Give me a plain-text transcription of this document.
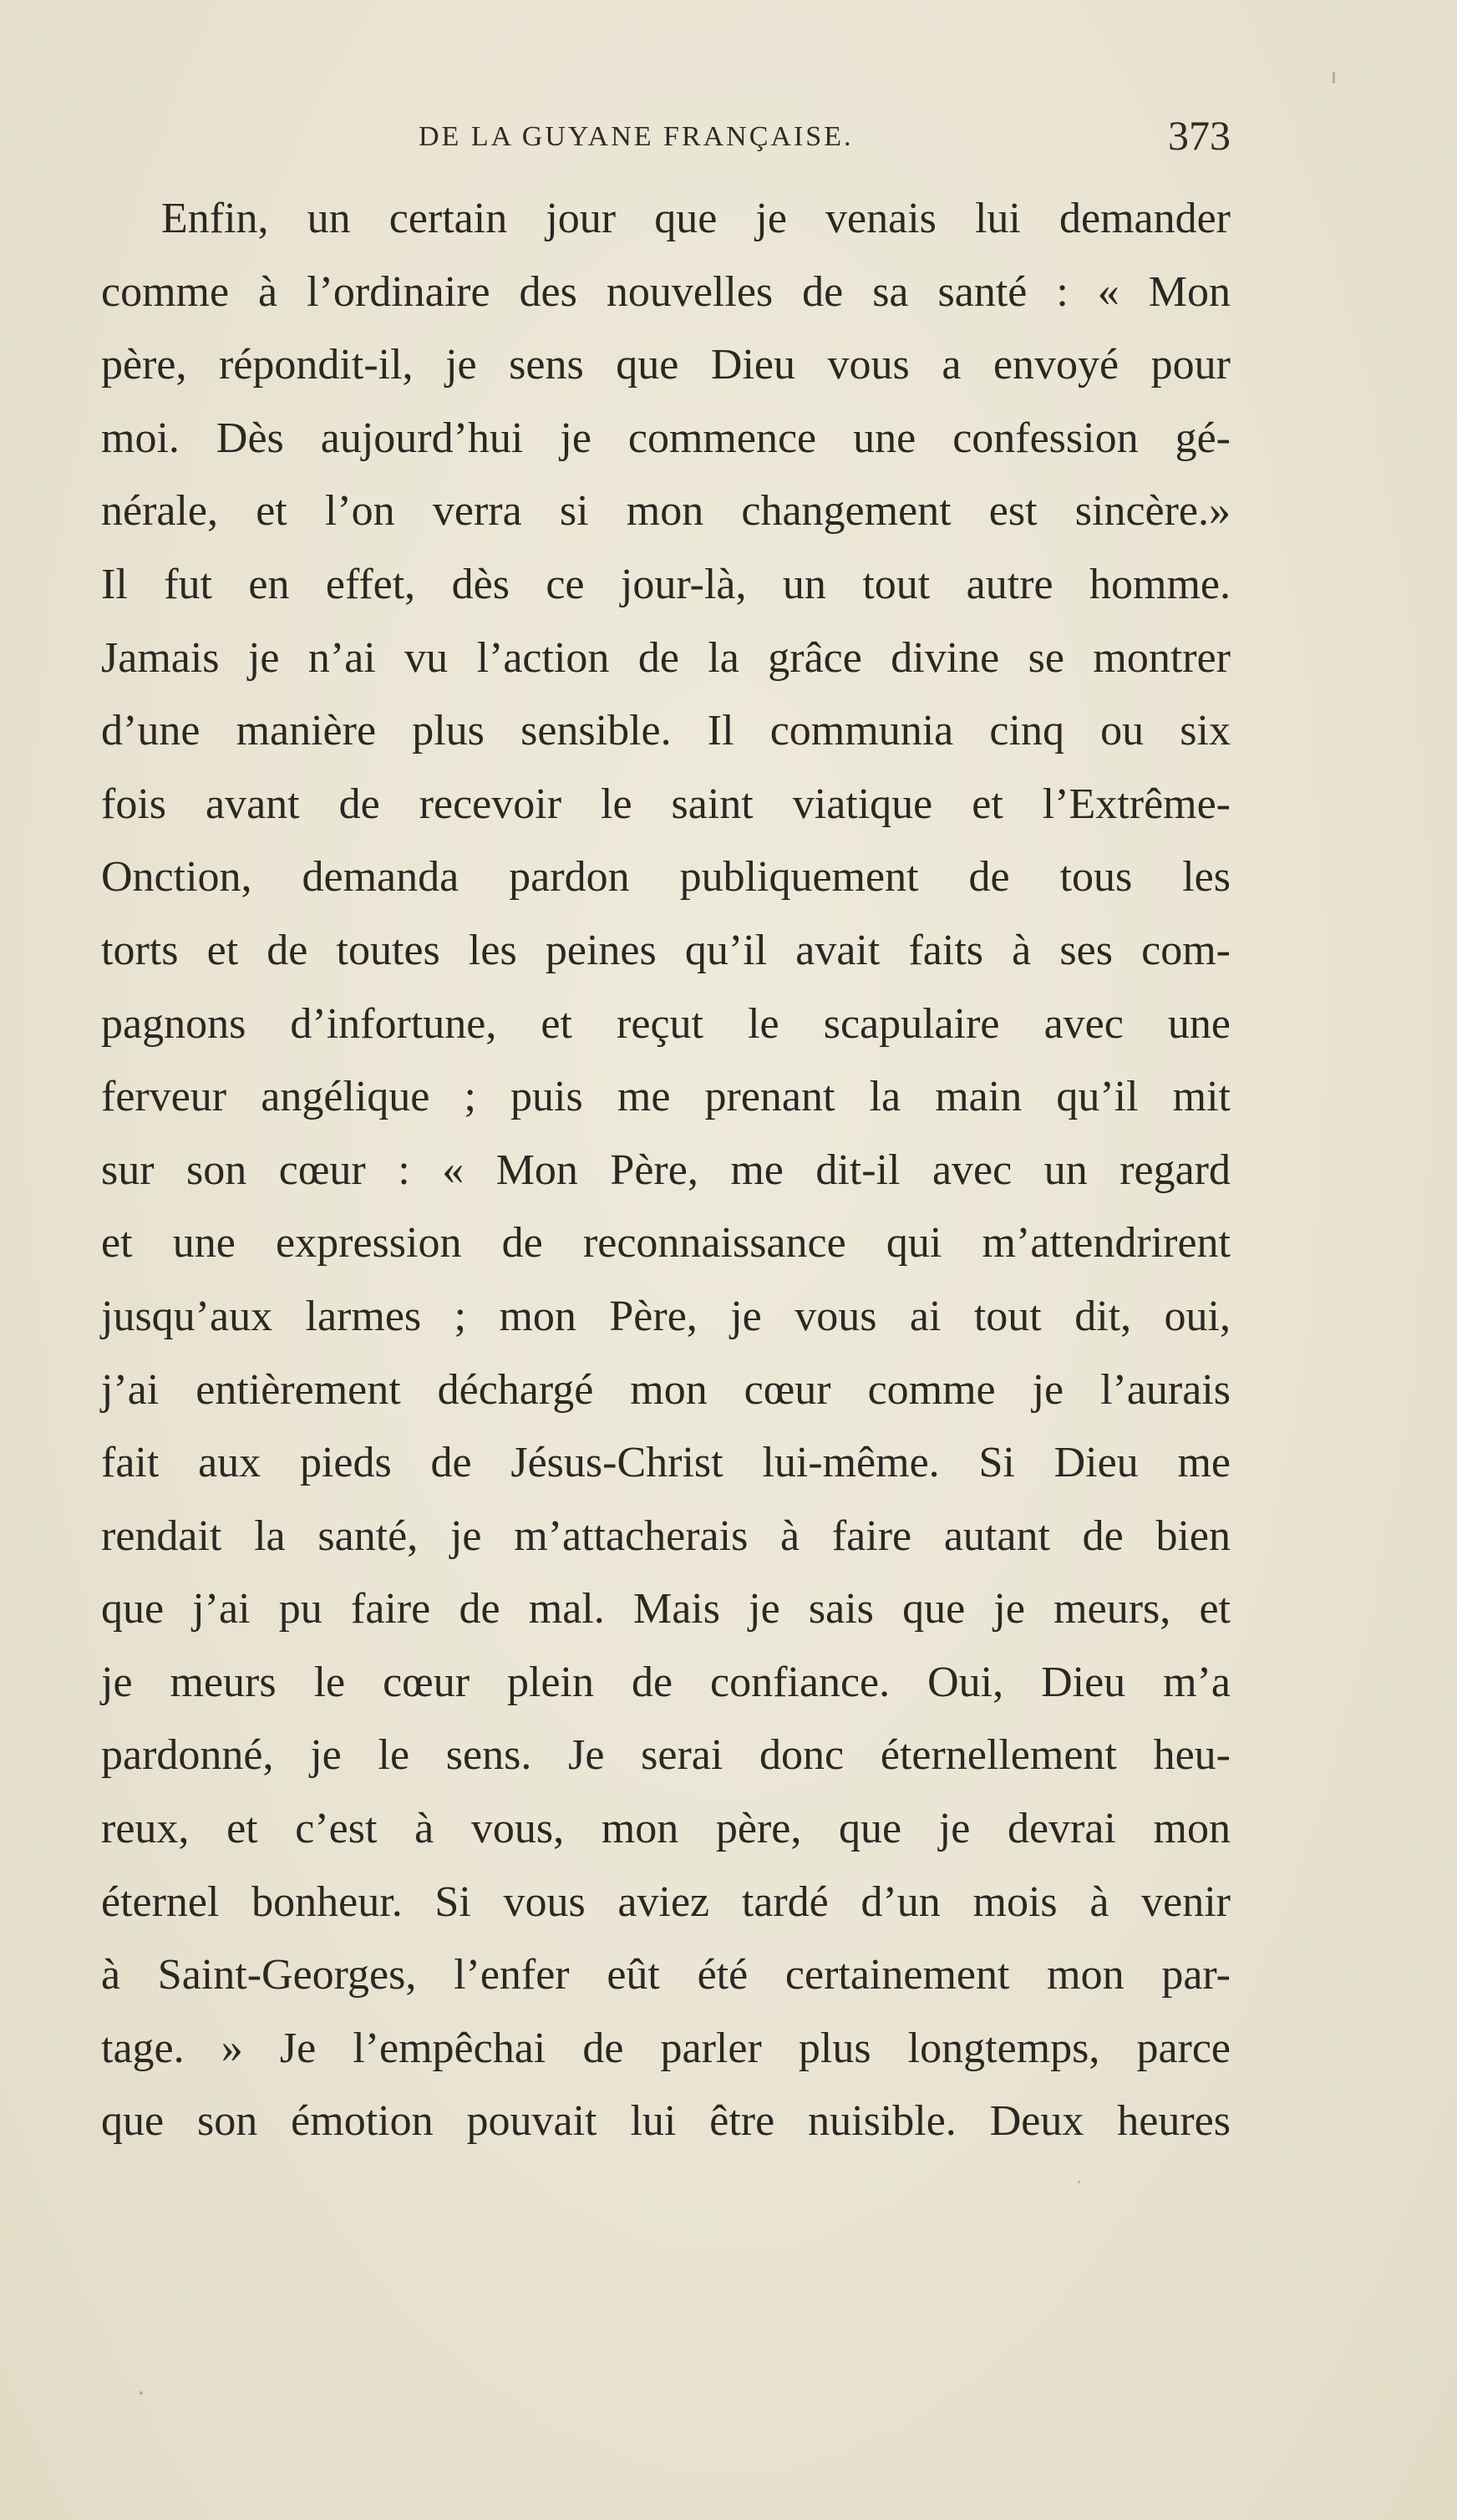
DE LA GUYANE FRANÇAISE.	373
Enfin, un certain jour que je venais lui demander
comme à l’ordinaire des nouvelles de sa santé : « Mon
père, répondit-il, je sens que Dieu vous a envoyé pour
moi. Dès aujourd’hui je commence une confession gé-
nérale, et l’on verra si mon changement est sincère.»
Il fut en effet, dès ce jour-là, un tout autre homme.
Jamais je n’ai vu l’action de la grâce divine se montrer
d’une manière plus sensible. Il communia cinq ou six
fois avant de recevoir le saint viatique et l’Extrême-
Onction, demanda pardon publiquement de tous les
torts et de toutes les peines qu’il avait faits à ses com-
pagnons d’infortune, et reçut le scapulaire avec une
ferveur angélique ; puis me prenant la main qu’il mit
sur son cœur : « Mon Père, me dit-il avec un regard
et une expression de reconnaissance qui m’attendrirent
jusqu’aux larmes ; mon Père, je vous ai tout dit, oui,
j’ai entièrement déchargé mon cœur comme je l’aurais
fait aux pieds de Jésus-Christ lui-même. Si Dieu me
rendait la santé, je m’attacherais à faire autant de bien
que j’ai pu faire de mal. Mais je sais que je meurs, et
je meurs le cœur plein de confiance. Oui, Dieu m’a
pardonné, je le sens. Je serai donc éternellement heu-
reux, et c’est à vous, mon père, que je devrai mon
éternel bonheur. Si vous aviez tardé d’un mois à venir
à Saint-Georges, l’enfer eût été certainement mon par-
tage. » Je l’empêchai de parler plus longtemps, parce
que son émotion pouvait lui être nuisible. Deux heures
